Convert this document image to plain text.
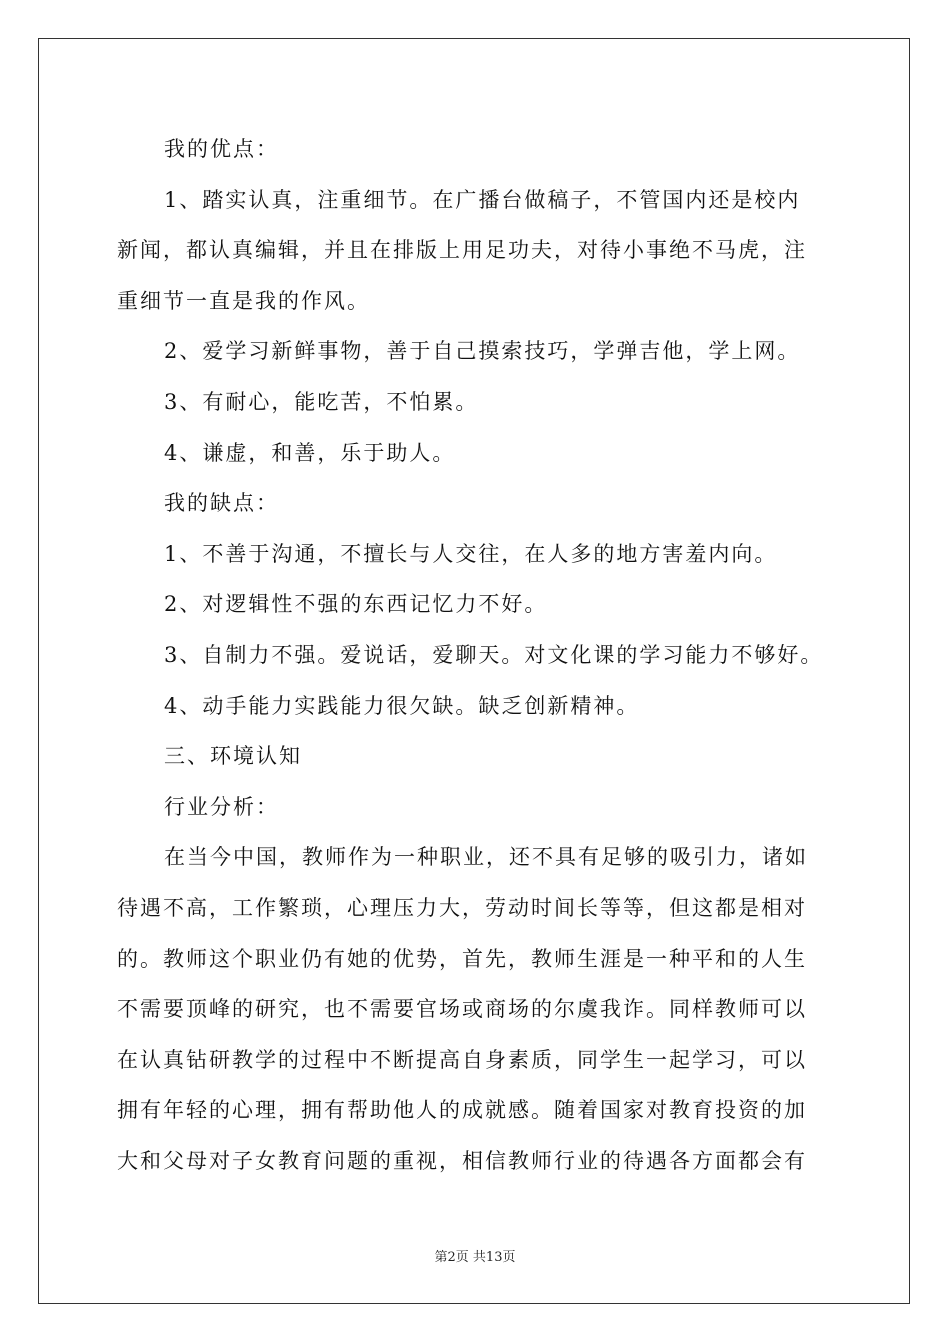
我的优点：
1、踏实认真，注重细节。在广播台做稿子，不管国内还是校内
新闻，都认真编辑，并且在排版上用足功夫，对待小事绝不马虎，注
重细节一直是我的作风。
2、爱学习新鲜事物，善于自己摸索技巧，学弹吉他，学上网。
3、有耐心，能吃苦，不怕累。
4、谦虚，和善，乐于助人。
我的缺点：
1、不善于沟通，不擅长与人交往，在人多的地方害羞内向。
2、对逻辑性不强的东西记忆力不好。
3、自制力不强。爱说话，爱聊天。对文化课的学习能力不够好。
4、动手能力实践能力很欠缺。缺乏创新精神。
三、环境认知
行业分析：
在当今中国，教师作为一种职业，还不具有足够的吸引力，诸如
待遇不高，工作繁琐，心理压力大，劳动时间长等等，但这都是相对
的。教师这个职业仍有她的优势，首先，教师生涯是一种平和的人生
不需要顶峰的研究，也不需要官场或商场的尔虞我诈。同样教师可以
在认真钻研教学的过程中不断提高自身素质，同学生一起学习，可以
拥有年轻的心理，拥有帮助他人的成就感。随着国家对教育投资的加
大和父母对子女教育问题的重视，相信教师行业的待遇各方面都会有
第2页 共13页
